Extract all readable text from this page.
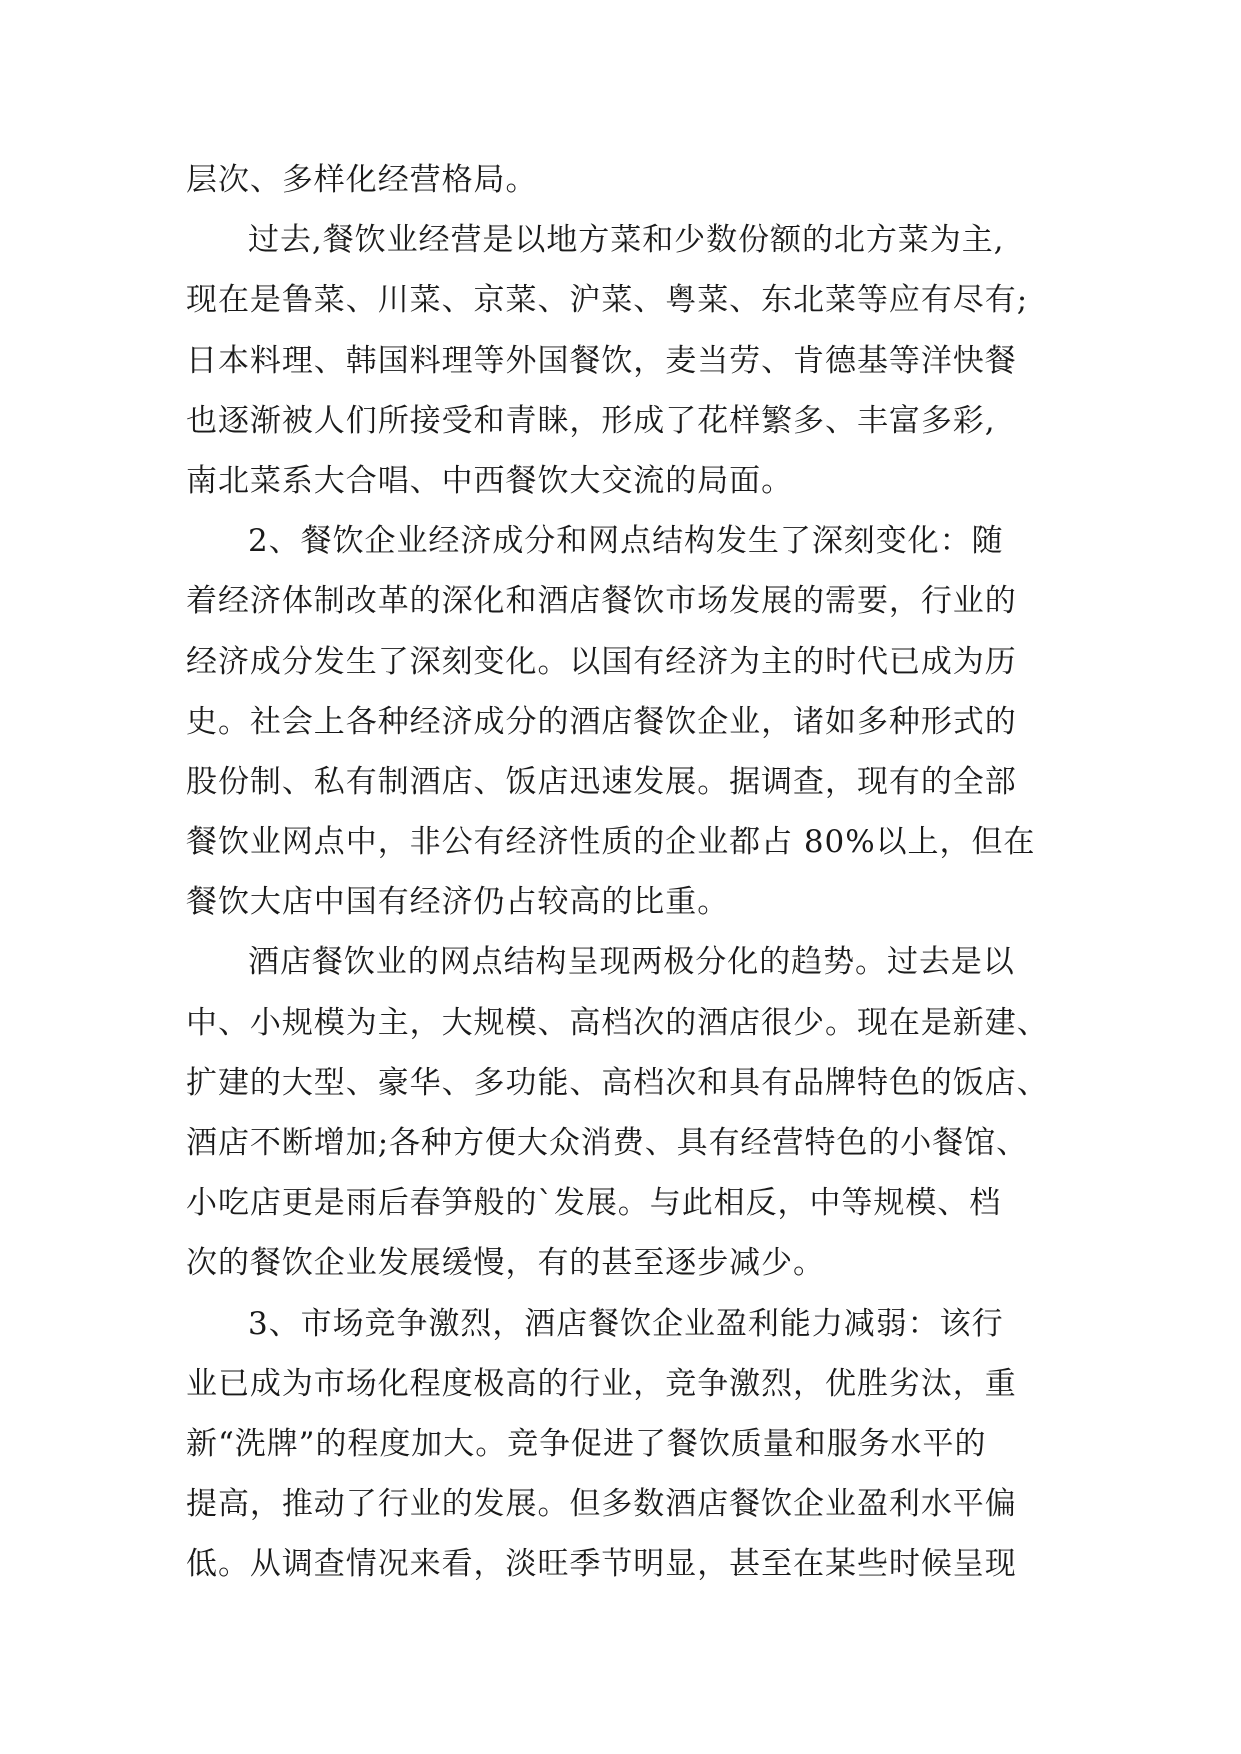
层次、多样化经营格局。
过去,餐饮业经营是以地方菜和少数份额的北方菜为主,
现在是鲁菜、川菜、京菜、沪菜、粤菜、东北菜等应有尽有;
日本料理、韩国料理等外国餐饮，麦当劳、肯德基等洋快餐
也逐渐被人们所接受和青睐，形成了花样繁多、丰富多彩,
南北菜系大合唱、中西餐饮大交流的局面。
2、餐饮企业经济成分和网点结构发生了深刻变化：随
着经济体制改革的深化和酒店餐饮市场发展的需要，行业的
经济成分发生了深刻变化。以国有经济为主的时代已成为历
史。社会上各种经济成分的酒店餐饮企业，诸如多种形式的
股份制、私有制酒店、饭店迅速发展。据调查，现有的全部
餐饮业网点中，非公有经济性质的企业都占 80%以上，但在
餐饮大店中国有经济仍占较高的比重。
酒店餐饮业的网点结构呈现两极分化的趋势。过去是以
中、小规模为主，大规模、高档次的酒店很少。现在是新建、
扩建的大型、豪华、多功能、高档次和具有品牌特色的饭店、
酒店不断增加;各种方便大众消费、具有经营特色的小餐馆、
小吃店更是雨后春笋般的`发展。与此相反，中等规模、档
次的餐饮企业发展缓慢，有的甚至逐步减少。
3、市场竞争激烈，酒店餐饮企业盈利能力减弱：该行
业已成为市场化程度极高的行业，竞争激烈，优胜劣汰，重
新“洗牌”的程度加大。竞争促进了餐饮质量和服务水平的
提高，推动了行业的发展。但多数酒店餐饮企业盈利水平偏
低。从调查情况来看，淡旺季节明显，甚至在某些时候呈现
